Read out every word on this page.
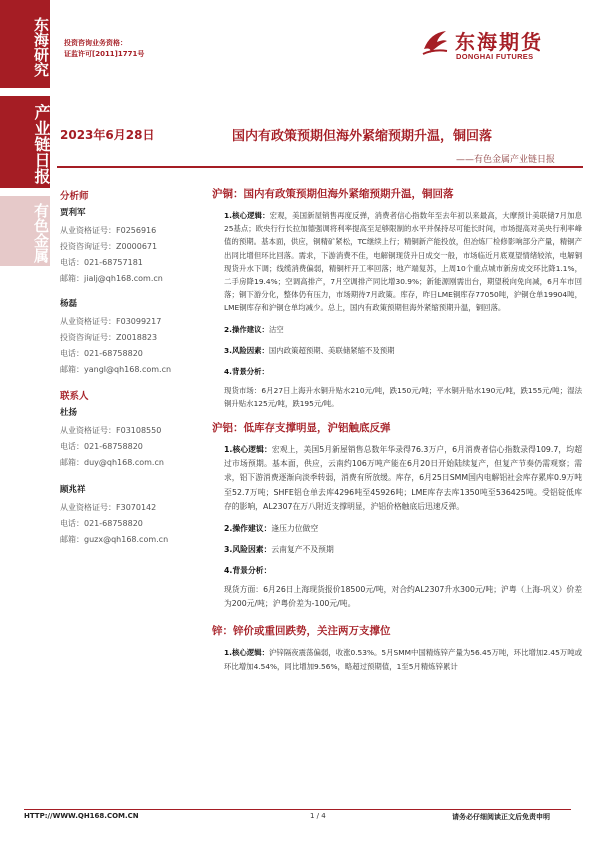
东海研究
产业链日报
有色金属
投资咨询业务资格：
证监许可[2011]1771号	东海期货
DONGHAI FUTURES
2023年6月28日	国内有政策预期但海外紧缩预期升温，铜回落
——有色金属产业链日报
分析师
贾利军
从业资格证号：F0256916
投资咨询证号：Z0000671
电话：021-68757181
邮箱：jialj@qh168.com.cn
杨磊
从业资格证号：F03099217
投资咨询证号：Z0018823
电话：021-68758820
邮箱：yangl@qh168.com.cn
联系人
杜扬
从业资格证号：F03108550
电话：021-68758820
邮箱：duy@qh168.com.cn
顾兆祥
从业资格证号：F3070142
电话：021-68758820
邮箱：guzx@qh168.com.cn
沪铜：国内有政策预期但海外紧缩预期升温，铜回落
1.核心逻辑：宏观，美国新屋销售再度反弹，消费者信心指数年至去年初以来最高，大摩预计美联储7月加息25基点；欧央行行长拉加德强调将利率提高至足够限制的水平并保持尽可能长时间，市场提高对美央行利率峰值的预期。基本面，供应，铜精矿紧松，TC继续上行；精铜新产能投放，但冶炼厂检修影响部分产量，精铜产出同比增但环比回落。需求，下游消费不佳，电解铜现货升日成交一般，市场临近月底观望情绪较浓，电解铜现货升水下调；线缆消费偏弱，精铜杆开工率回落；地产端复苏，上周10个重点城市新房成交环比降1.1%，二手房降19.4%；空调高排产，7月空调排产同比增30.9%；新能源刚需出台，期望税向免向减，6月车市回落；铜下游分化，整体仍有压力，市场期待7月政策。库存，昨日LME铜库存77050吨，沪铜仓单19904吨，LME铜库存和沪铜仓单均减少。总上，国内有政策预期但海外紧缩预期升温，铜回落。
2.操作建议：沽空
3.风险因素：国内政策超预期、美联储紧缩不及预期
4.背景分析：
现货市场：6月27日上海升水铜升贴水210元/吨，跌150元/吨；平水铜升贴水190元/吨，跌155元/吨；湿法铜升贴水125元/吨，跌195元/吨。
沪铝：低库存支撑明显，沪铝触底反弹
1.核心逻辑：宏观上，美国5月新屋销售总数年华录得76.3万户，6月消费者信心指数录得109.7，均超过市场预期。基本面，供应，云南约106万吨产能在6月20日开始陆续复产，但复产节奏仍需观察；需求，铝下游消费逐渐向淡季转弱，消费有所放缓。库存，6月25日SMM国内电解铝社会库存累库0.9万吨至52.7万吨；SHFE铝仓单去库4296吨至45926吨；LME库存去库1350吨至536425吨。受铝锭低库存的影响，AL2307在万八附近支撑明显，沪铝价格触底后迅速反弹。
2.操作建议：逢压力位做空
3.风险因素：云南复产不及预期
4.背景分析：
现货方面：6月26日上海现货报价18500元/吨，对合约AL2307升水300元/吨；沪粤（上海-巩义）价差为200元/吨；沪粤价差为-100元/吨。
锌：锌价或重回跌势，关注两万支撑位
1.核心逻辑：沪锌隔夜震荡偏弱，收涨0.53%。5月SMM中国精炼锌产量为56.45万吨，环比增加2.45万吨或环比增加4.54%，同比增加9.56%，略超过预期值，1至5月精炼锌累计
HTTP://WWW.QH168.COM.CN	1 / 4	请务必仔细阅读正文后免责申明
